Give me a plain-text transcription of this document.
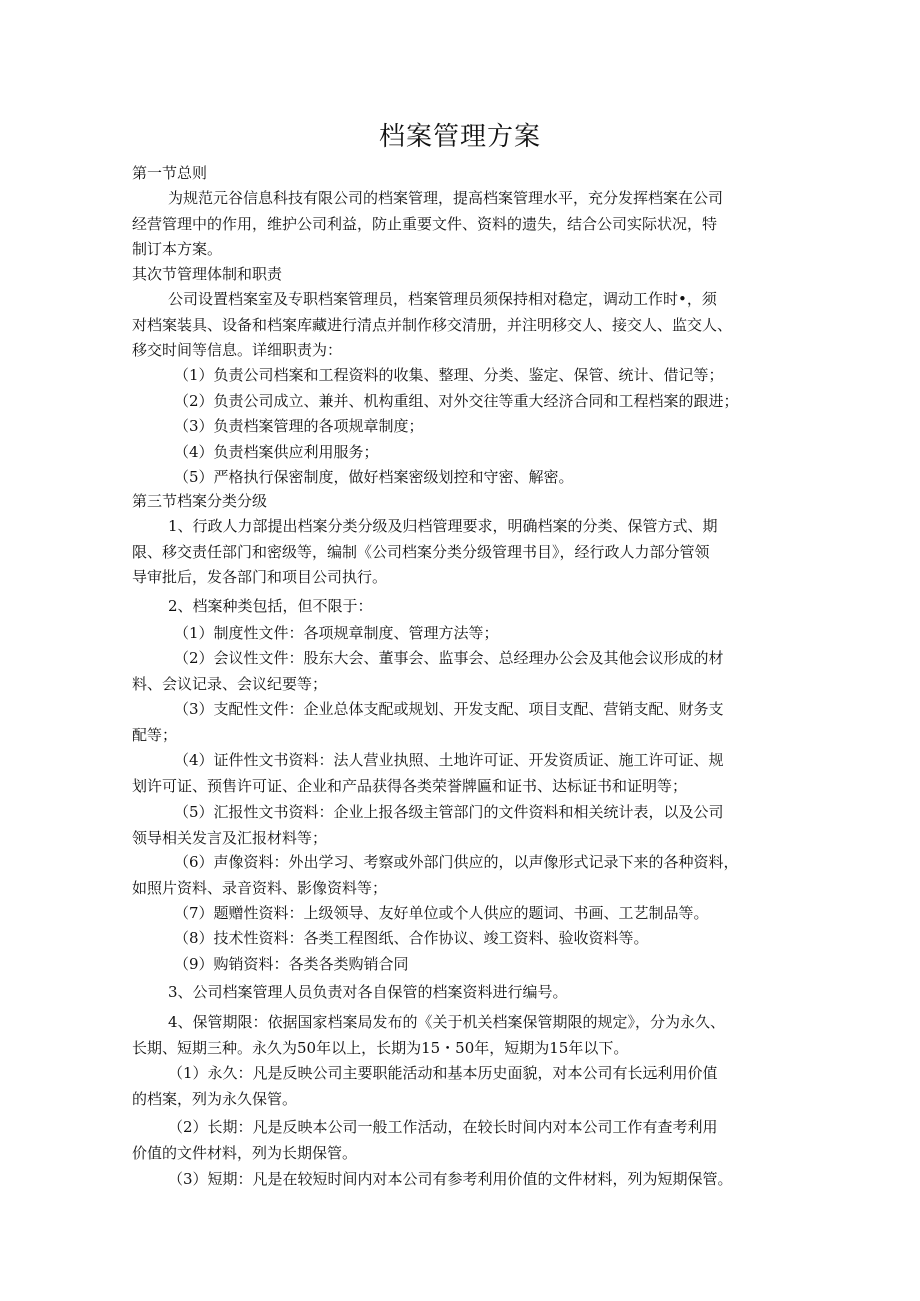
档案管理方案
第一节总则
为规范元谷信息科技有限公司的档案管理，提高档案管理水平，充分发挥档案在公司
经营管理中的作用，维护公司利益，防止重要文件、资料的遗失，结合公司实际状况，特
制订本方案。
其次节管理体制和职责
公司设置档案室及专职档案管理员，档案管理员须保持相对稳定，调动工作时•，须
对档案装具、设备和档案库藏进行清点并制作移交清册，并注明移交人、接交人、监交人、
移交时间等信息。详细职责为：
（1）负责公司档案和工程资料的收集、整理、分类、鉴定、保管、统计、借记等；
（2）负责公司成立、兼并、机构重组、对外交往等重大经济合同和工程档案的跟进；
（3）负责档案管理的各项规章制度；
（4）负责档案供应利用服务；
（5）严格执行保密制度，做好档案密级划控和守密、解密。
第三节档案分类分级
1、行政人力部提出档案分类分级及归档管理要求，明确档案的分类、保管方式、期
限、移交责任部门和密级等，编制《公司档案分类分级管理书目》，经行政人力部分管领
导审批后，发各部门和项目公司执行。
2、档案种类包括，但不限于：
（1）制度性文件：各项规章制度、管理方法等；
（2）会议性文件：股东大会、董事会、监事会、总经理办公会及其他会议形成的材
料、会议记录、会议纪要等；
（3）支配性文件：企业总体支配或规划、开发支配、项目支配、营销支配、财务支
配等；
（4）证件性文书资料：法人营业执照、土地许可证、开发资质证、施工许可证、规
划许可证、预售许可证、企业和产品获得各类荣誉牌匾和证书、达标证书和证明等；
（5）汇报性文书资料：企业上报各级主管部门的文件资料和相关统计表，以及公司
领导相关发言及汇报材料等；
（6）声像资料：外出学习、考察或外部门供应的，以声像形式记录下来的各种资料，
如照片资料、录音资料、影像资料等；
（7）题赠性资料：上级领导、友好单位或个人供应的题词、书画、工艺制品等。
（8）技术性资料：各类工程图纸、合作协议、竣工资料、验收资料等。
（9）购销资料：各类各类购销合同
3、公司档案管理人员负责对各自保管的档案资料进行编号。
4、保管期限：依据国家档案局发布的《关于机关档案保管期限的规定》，分为永久、
长期、短期三种。永久为50年以上，长期为15・50年，短期为15年以下。
（1）永久：凡是反映公司主要职能活动和基本历史面貌，对本公司有长远利用价值
的档案，列为永久保管。
（2）长期：凡是反映本公司一般工作活动，在较长时间内对本公司工作有查考利用
价值的文件材料，列为长期保管。
（3）短期：凡是在较短时间内对本公司有参考利用价值的文件材料，列为短期保管。
